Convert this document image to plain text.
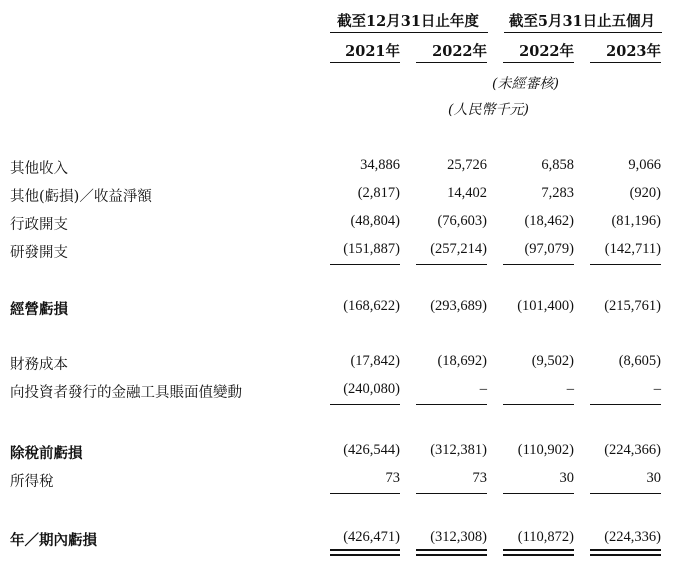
截至12月31日止年度	截至5月31日止五個月
2021年	2022年	2022年	2023年
(未經審核)
(人民幣千元)
其他收入	34,886	25,726	6,858	9,066
其他(虧損)／收益淨額	(2,817)	14,402	7,283	(920)
行政開支	(48,804)	(76,603)	(18,462)	(81,196)
研發開支	(151,887)	(257,214)	(97,079)	(142,711)
經營虧損	(168,622)	(293,689)	(101,400)	(215,761)
財務成本	(17,842)	(18,692)	(9,502)	(8,605)
向投資者發行的金融工具賬面值變動	(240,080)	–	–	–
除稅前虧損	(426,544)	(312,381)	(110,902)	(224,366)
所得稅	73	73	30	30
年／期內虧損	(426,471)	(312,308)	(110,872)	(224,336)
